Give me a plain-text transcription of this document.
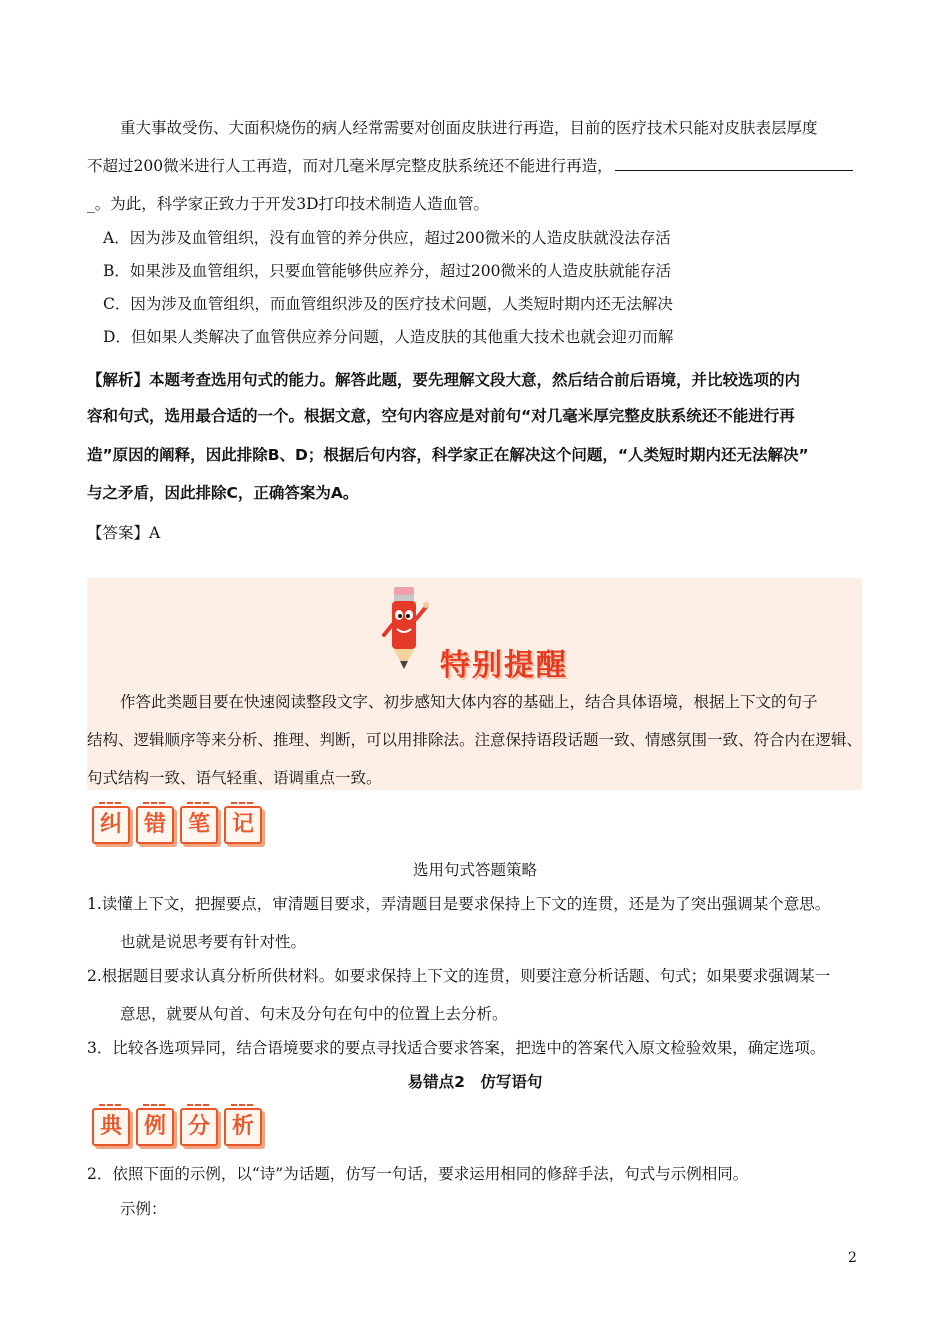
重大事故受伤、大面积烧伤的病人经常需要对创面皮肤进行再造，目前的医疗技术只能对皮肤表层厚度
不超过200微米进行人工再造，而对几毫米厚完整皮肤系统还不能进行再造，
_。为此，科学家正致力于开发3D打印技术制造人造血管。
A．因为涉及血管组织，没有血管的养分供应，超过200微米的人造皮肤就没法存活
B．如果涉及血管组织，只要血管能够供应养分，超过200微米的人造皮肤就能存活
C．因为涉及血管组织，而血管组织涉及的医疗技术问题，人类短时期内还无法解决
D．但如果人类解决了血管供应养分问题，人造皮肤的其他重大技术也就会迎刃而解
【解析】本题考查选用句式的能力。解答此题，要先理解文段大意，然后结合前后语境，并比较选项的内
容和句式，选用最合适的一个。根据文意，空句内容应是对前句“对几毫米厚完整皮肤系统还不能进行再
造”原因的阐释，因此排除B、D；根据后句内容，科学家正在解决这个问题，“人类短时期内还无法解决”
与之矛盾，因此排除C，正确答案为A。
【答案】A
特别提醒
作答此类题目要在快速阅读整段文字、初步感知大体内容的基础上，结合具体语境，根据上下文的句子
结构、逻辑顺序等来分析、推理、判断，可以用排除法。注意保持语段话题一致、情感氛围一致、符合内在逻辑、
句式结构一致、语气轻重、语调重点一致。
纠 错 笔 记
选用句式答题策略
1.读懂上下文，把握要点，审清题目要求，弄清题目是要求保持上下文的连贯，还是为了突出强调某个意思。
也就是说思考要有针对性。
2.根据题目要求认真分析所供材料。如要求保持上下文的连贯，则要注意分析话题、句式；如果要求强调某一
意思，就要从句首、句末及分句在句中的位置上去分析。
3．比较各选项异同，结合语境要求的要点寻找适合要求答案，把选中的答案代入原文检验效果，确定选项。
易错点2　仿写语句
典 例 分 析
2．依照下面的示例，以“诗”为话题，仿写一句话，要求运用相同的修辞手法，句式与示例相同。
示例：
2
